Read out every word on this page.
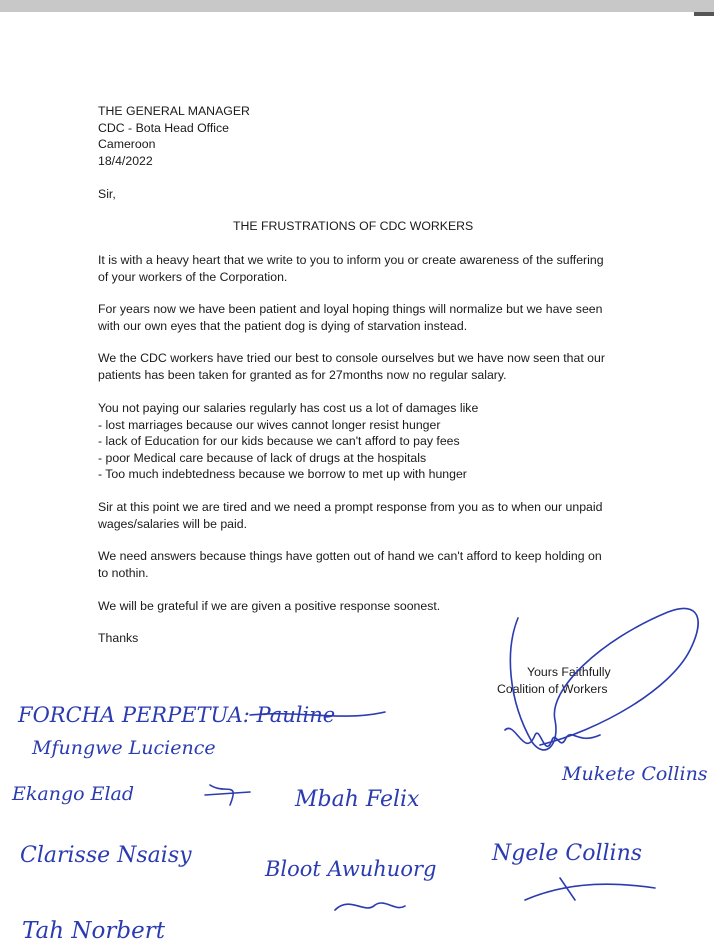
THE GENERAL MANAGER
CDC - Bota Head Office
Cameroon
18/4/2022
Sir,
THE FRUSTRATIONS OF CDC WORKERS
It is with a heavy heart that we write to you to inform you or create awareness of the suffering of your workers of the Corporation.
For years now we have been patient and loyal hoping things will normalize but we have seen with our own eyes that the patient dog is dying of starvation instead.
We the CDC workers have tried our best to console ourselves but we have now seen that our patients has been taken for granted as for 27months now no regular salary.
You not paying our salaries regularly has cost us a lot of damages like
- lost marriages because our wives cannot longer resist hunger
- lack of Education for our kids because we can't afford to pay fees
- poor Medical care because of lack of drugs at the hospitals
- Too much indebtedness because we borrow to met up with hunger
Sir at this point we are tired and we need a prompt response from you as to when our unpaid wages/salaries will be paid.
We need answers because things have gotten out of hand we can't afford to keep holding on to nothin.
We will be grateful if we are given a positive response soonest.
Thanks
Yours Faithfully
Coalition of Workers
FORCHA PERPETUA: Pauline
Mfungwe Lucience
Ekango Elad	Mbah Felix
Clarisse Nsaisy
Bloot Awuhuorg
Ngele Collins
Mukete Collins
Tah Norbert
